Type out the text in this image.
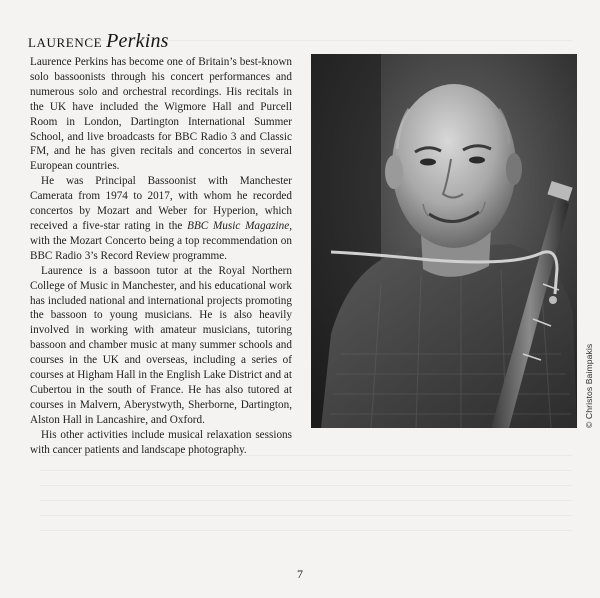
LAURENCE Perkins

Laurence Perkins has become one of Britain’s best-known solo bassoonists through his concert performances and numerous solo and orchestral recordings. His recitals in the UK have included the Wigmore Hall and Purcell Room in London, Dartington International Summer School, and live broadcasts for BBC Radio 3 and Classic FM, and he has given recitals and concertos in several European countries.

He was Principal Bassoonist with Manchester Camerata from 1974 to 2017, with whom he recorded concertos by Mozart and Weber for Hyperion, which received a five-star rating in the BBC Music Magazine, with the Mozart Concerto being a top recommendation on BBC Radio 3’s Record Review programme.

Laurence is a bassoon tutor at the Royal Northern College of Music in Manchester, and his educational work has included national and international projects promoting the bassoon to young musicians. He is also heavily involved in working with amateur musicians, tutoring bassoon and chamber music at many summer schools and courses in the UK and overseas, including a series of courses at Higham Hall in the English Lake District and at Cubertou in the south of France. He has also tutored at courses in Malvern, Aberystwyth, Sherborne, Dartington, Alston Hall in Lancashire, and Oxford.

His other activities include musical relaxation sessions with cancer patients and landscape photography.

© Christos Baimpakis
7
